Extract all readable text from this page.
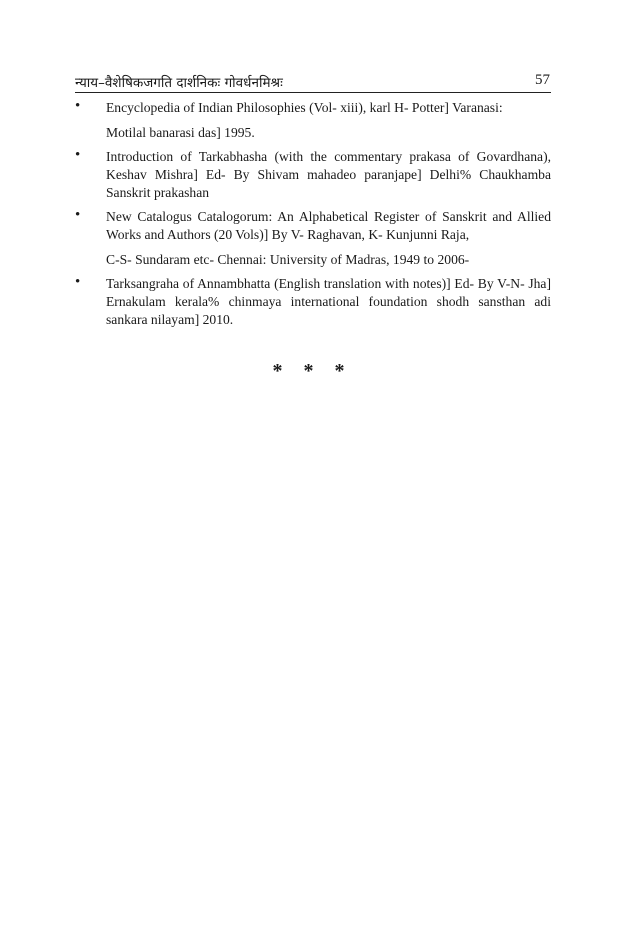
न्याय–वैशेषिकजगति दार्शनिकः गोवर्धनमिश्रः	57
• Encyclopedia of Indian Philosophies (Vol- xiii), karl H- Potter] Varanasi:
Motilal banarasi das] 1995.
• Introduction of Tarkabhasha (with the commentary prakasa of Govardhana), Keshav Mishra] Ed- By Shivam mahadeo paranjape] Delhi% Chaukhamba Sanskrit prakashan
• New Catalogus Catalogorum: An Alphabetical Register of Sanskrit and Allied Works and Authors (20 Vols)] By V- Raghavan, K- Kunjunni Raja,
C-S- Sundaram etc- Chennai: University of Madras, 1949 to 2006-
• Tarksangraha of Annambhatta (English translation with notes)] Ed- By V-N- Jha] Ernakulam kerala% chinmaya international foundation shodh sansthan adi sankara nilayam] 2010.
* * *
